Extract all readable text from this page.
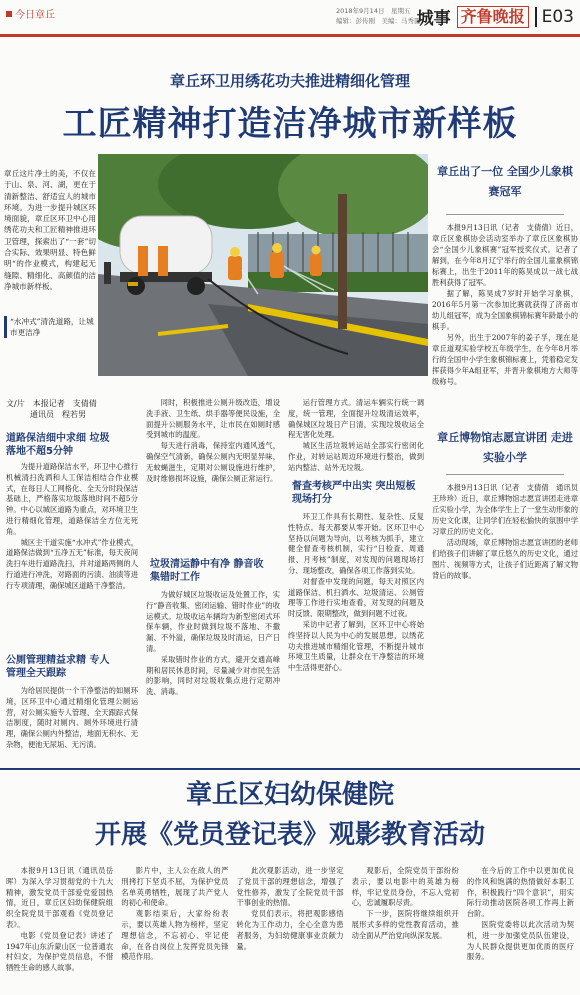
今日章丘	2018年9月14日　星期五
编辑：彭传刚　美编：马秀霞
城事 齐鲁晚报	E03
章丘环卫用绣花功夫推进精细化管理
工匠精神打造洁净城市新样板
章丘这片净土的美，不仅在于山、泉、河、湖，更在于清新整洁、舒适宜人的城市环境。为进一步提升城区环境面貌，章丘区环卫中心用绣花功夫和工匠精神推进环卫管理，探索出了“一套”切合实际、效果明显、特色鲜明“的作业模式，构建起无缝隙、精细化、高颜值的洁净城市新样板。
“水冲式”清洗道路，让城市更洁净
章丘出了一位 全国少儿象棋赛冠军

本报9月13日讯（记者　支倩倩）近日，章丘区象棋协会活动室举办了章丘区象棋协会“全国少儿象棋赛”冠军授奖仪式。记者了解到，在今年8月辽宁举行的全国儿童象棋锦标赛上，出生于2011年的陈昊成以一战七战胜利获得了冠军。

据了解，陈昊成7岁时开始学习象棋，2016年5月第一次参加比赛就获得了济南市幼儿组冠军，成为全国象棋锦标赛年龄最小的棋手。

另外，出生于2007年的姜子孚，现在是章丘道观实验学校五年级学生，在今年8月举行的全国中小学生象棋锦标赛上，凭着稳定发挥获得少年A组亚军，并晋升象棋地方大师等级称号。

章丘博物馆志愿宣讲团 走进实验小学

本报9月13日讯（记者　支倩倩　通讯员　王珍珍）近日，章丘博物馆志愿宣讲团走进章丘实验小学，为全体学生上了一堂生动形象的历史文化课，让同学们在轻松愉快的氛围中学习章丘的历史文化。

活动现场，章丘博物馆志愿宣讲团的老师们给孩子们讲解了章丘悠久的历史文化，通过图片、视频等方式，让孩子们近距离了解文物背后的故事。

文/片　本报记者　支倩倩
通讯员　程若男
道路保洁细中求细 垃圾落地不超5分钟

为提升道路保洁水平，环卫中心推行机械清扫洗洒和人工保洁相结合作业模式，在每日人工网格化、全天分时段保洁基础上，严格落实垃圾落地时间不超5分钟。中心以城区道路为重点，对环境卫生进行精细化管理，道路保洁全方位无死角。

城区主干道实施“水冲式”作业模式，道路保洁做到“五净五无”标准，每天夜间洗扫车进行道路洗扫，并对道路两侧的人行道进行冲洗，对路面的污渍、油渍等进行专项清理，确保城区道路干净整洁。

公厕管理精益求精 专人管理全天跟踪

为给居民提供一个干净整洁的如厕环境，区环卫中心通过精细化管理公厕运营，对公厕实施专人管理、全天跟踪式保洁制度，随时对厕内、厕外环境进行清理，确保公厕内外整洁，地面无积水、无杂物，便池无尿垢、无污渍。

同时，积极推进公厕升级改造，增设洗手液、卫生纸、烘手器等便民设施，全面提升公厕服务水平，让市民在如厕时感受到城市的温度。

每天进行消毒，保持室内通风透气，确保空气清新，确保公厕内无明显异味，无蚊蝇滋生，定期对公厕设施进行维护，及时维修损坏设施，确保公厕正常运行。

垃圾清运静中有净 静音收集错时工作

为做好城区垃圾收运及处置工作，实行“静音收集、密闭运输、错时作业”的收运模式。垃圾收运车辆均为新型密闭式环保车辆，作业时做到垃圾不落地、不撒漏、不外溢，确保垃圾及时清运，日产日清。

采取错时作业的方式，避开交通高峰期和居民休息时间，尽量减少对市民生活的影响，同时对垃圾收集点进行定期冲洗、消毒。

运行管理方式。清运车辆实行统一调度，统一管理，全面提升垃圾清运效率，确保城区垃圾日产日清，实现垃圾收运全程无害化处理。

城区生活垃圾转运站全部实行密闭化作业，对转运站周边环境进行整治，做到站内整洁、站外无垃圾。

督查考核严中出实 突出短板现场打分

环卫工作具有长期性、复杂性、反复性特点。每天都要从零开始。区环卫中心坚持以问题为导向，以考核为抓手，建立健全督查考核机制，实行“日检查、周通报、月考核”制度，对发现的问题现场打分、现场整改，确保各项工作落到实处。

对督查中发现的问题，每天对照区内道路保洁、机扫洒水、垃圾清运、公厕管理等工作进行实地查看，对发现的问题及时反馈、限期整改，做到问题不过夜。

采访中记者了解到，区环卫中心将始终坚持以人民为中心的发展思想，以绣花功夫推进城市精细化管理，不断提升城市环境卫生质量，让群众在干净整洁的环境中生活得更舒心。

章丘区妇幼保健院
开展《党员登记表》观影教育活动

本报9月13日讯（通讯员岳晖）为深入学习贯彻党的十九大精神，激发党员干部爱党爱国热情，近日，章丘区妇幼保健院组织全院党员干部观看《党员登记表》。

电影《党员登记表》讲述了1947年山东沂蒙山区一位普通农村妇女，为保护党员信息，不惜牺牲生命的感人故事。

影片中，主人公在敌人的严刑拷打下坚贞不屈，为保护党员名单英勇牺牲，展现了共产党人的初心和使命。

观影结束后，大家纷纷表示，要以英雄人物为榜样，坚定理想信念，不忘初心、牢记使命，在各自岗位上发挥党员先锋模范作用。

此次观影活动，进一步坚定了党员干部的理想信念，增强了党性修养，激发了全院党员干部干事创业的热情。

党员们表示，将把观影感悟转化为工作动力，全心全意为患者服务，为妇幼健康事业贡献力量。

观影后，全院党员干部纷纷表示，要以电影中的英雄为榜样，牢记党员身份，不忘入党初心，忠诚履职尽责。

下一步，医院将继续组织开展形式多样的党性教育活动，推动全面从严治党向纵深发展。

在今后的工作中以更加优良的作风和饱满的热情做好本职工作，积极践行“四个意识”，用实际行动推动医院各项工作再上新台阶。

医院党委将以此次活动为契机，进一步加强党员队伍建设，为人民群众提供更加优质的医疗服务。
